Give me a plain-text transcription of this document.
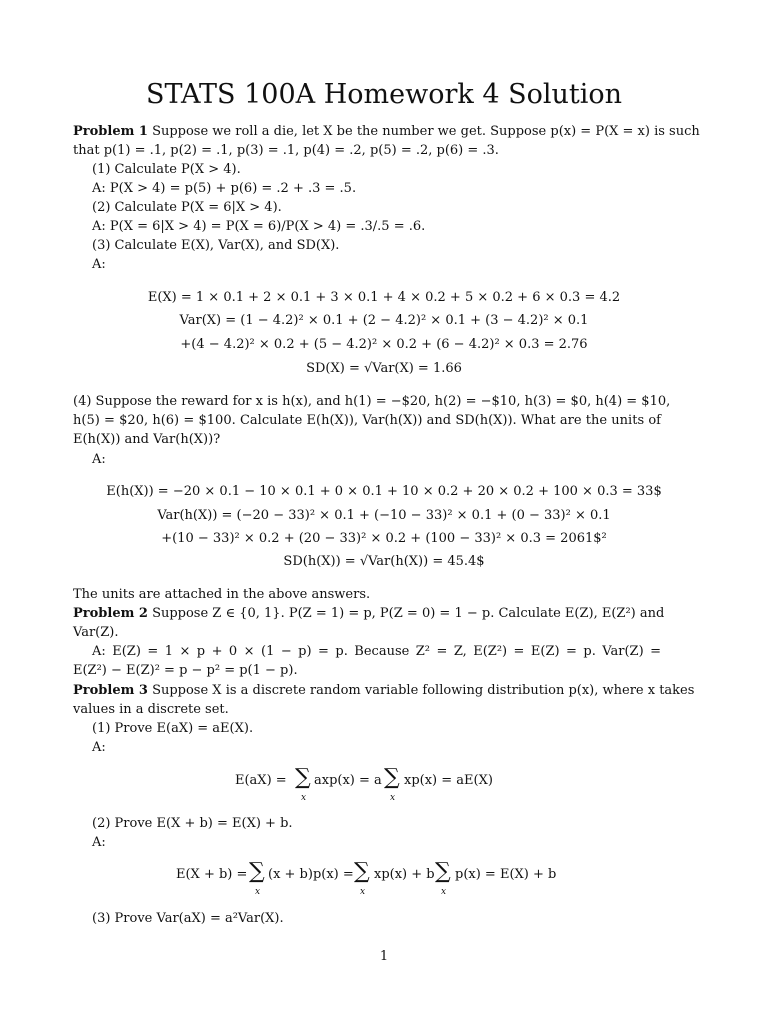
STATS 100A Homework 4 Solution
Problem 1 Suppose we roll a die, let X be the number we get. Suppose p(x) = P(X = x) is such
that p(1) = .1, p(2) = .1, p(3) = .1, p(4) = .2, p(5) = .2, p(6) = .3.
(1) Calculate P(X > 4).
A: P(X > 4) = p(5) + p(6) = .2 + .3 = .5.
(2) Calculate P(X = 6|X > 4).
A: P(X = 6|X > 4) = P(X = 6)/P(X > 4) = .3/.5 = .6.
(3) Calculate E(X), Var(X), and SD(X).
A:
E(X) = 1 × 0.1 + 2 × 0.1 + 3 × 0.1 + 4 × 0.2 + 5 × 0.2 + 6 × 0.3 = 4.2
Var(X) = (1 − 4.2)² × 0.1 + (2 − 4.2)² × 0.1 + (3 − 4.2)² × 0.1
+(4 − 4.2)² × 0.2 + (5 − 4.2)² × 0.2 + (6 − 4.2)² × 0.3 = 2.76
SD(X) = √Var(X) = 1.66
(4) Suppose the reward for x is h(x), and h(1) = −$20, h(2) = −$10, h(3) = $0, h(4) = $10,
h(5) = $20, h(6) = $100. Calculate E(h(X)), Var(h(X)) and SD(h(X)). What are the units of
E(h(X)) and Var(h(X))?
A:
E(h(X)) = −20 × 0.1 − 10 × 0.1 + 0 × 0.1 + 10 × 0.2 + 20 × 0.2 + 100 × 0.3 = 33$
Var(h(X)) = (−20 − 33)² × 0.1 + (−10 − 33)² × 0.1 + (0 − 33)² × 0.1
+(10 − 33)² × 0.2 + (20 − 33)² × 0.2 + (100 − 33)² × 0.3 = 2061$²
SD(h(X)) = √Var(h(X)) = 45.4$
The units are attached in the above answers.
Problem 2 Suppose Z ∈ {0, 1}. P(Z = 1) = p, P(Z = 0) = 1 − p. Calculate E(Z), E(Z²) and
Var(Z).
A: E(Z) = 1 × p + 0 × (1 − p) = p. Because Z² = Z, E(Z²) = E(Z) = p. Var(Z) =
E(Z²) − E(Z)² = p − p² = p(1 − p).
Problem 3 Suppose X is a discrete random variable following distribution p(x), where x takes
values in a discrete set.
(1) Prove E(aX) = aE(X).
A:
E(aX) = ∑
x
axp(x) = a ∑
x
xp(x) = aE(X)
(2) Prove E(X + b) = E(X) + b.
A:
E(X + b) = ∑
x
(x + b)p(x) = ∑
x
xp(x) + b ∑
x
p(x) = E(X) + b
(3) Prove Var(aX) = a²Var(X).
1
